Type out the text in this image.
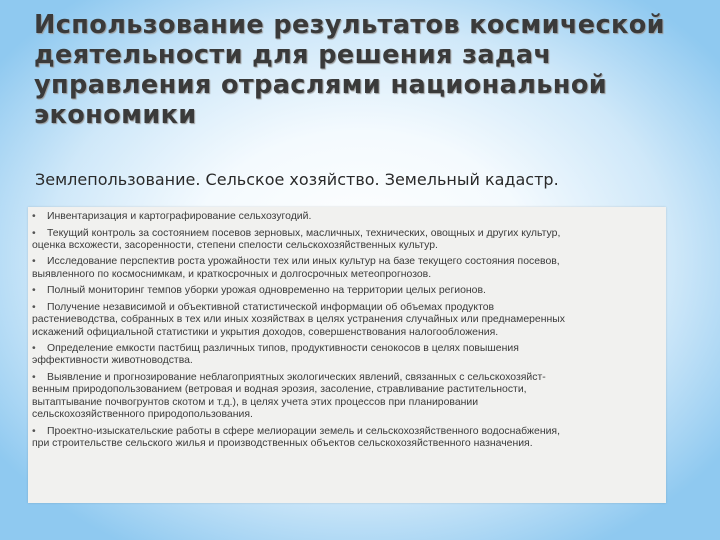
Использование результатов космической деятельности для решения задач управления отраслями национальной экономики
Землепользование. Сельское хозяйство. Земельный кадастр.
• Инвентаризация и картографирование сельхозугодий.
• Текущий контроль за состоянием посевов зерновых, масличных, технических, овощных и других культур,
оценка всхожести, засоренности, степени спелости сельскохозяйственных культур.
• Исследование перспектив роста урожайности тех или иных культур на базе текущего состояния посевов,
выявленного по космоснимкам, и краткосрочных и долгосрочных метеопрогнозов.
• Полный мониторинг темпов уборки урожая одновременно на территории целых регионов.
• Получение независимой и объективной статистической информации об объемах продуктов
растениеводства, собранных в тех или иных хозяйствах в целях устранения случайных или преднамеренных
искажений официальной статистики и укрытия доходов, совершенствования налогообложения.
• Определение емкости пастбищ различных типов, продуктивности сенокосов в целях повышения
эффективности животноводства.
• Выявление и прогнозирование неблагоприятных экологических явлений, связанных с сельскохозяйст-
венным природопользованием (ветровая и водная эрозия, засоление, стравливание растительности,
вытаптывание почвогрунтов скотом и т.д.), в целях учета этих процессов при планировании
сельскохозяйственного природопользования.
• Проектно-изыскательские работы в сфере мелиорации земель и сельскохозяйственного водоснабжения,
при строительстве сельского жилья и производственных объектов сельскохозяйственного назначения.
